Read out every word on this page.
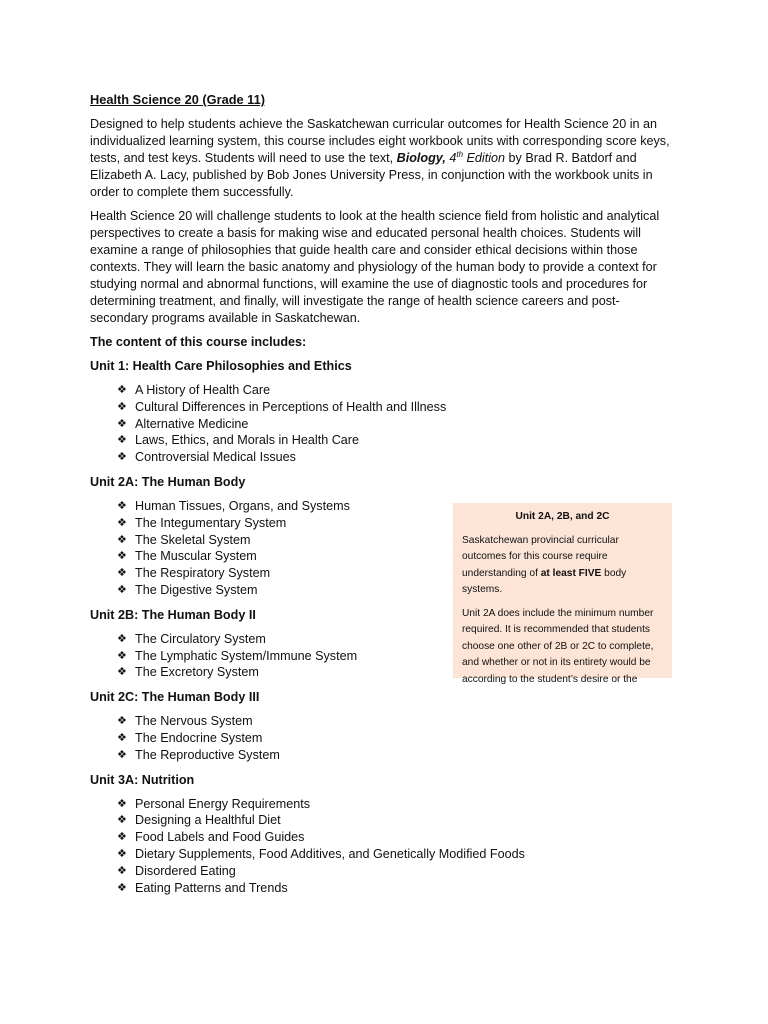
Health Science 20 (Grade 11)

Designed to help students achieve the Saskatchewan curricular outcomes for Health Science 20 in an individualized learning system, this course includes eight workbook units with corresponding score keys, tests, and test keys. Students will need to use the text, Biology, 4th Edition by Brad R. Batdorf and Elizabeth A. Lacy, published by Bob Jones University Press, in conjunction with the workbook units in order to complete them successfully.

Health Science 20 will challenge students to look at the health science field from holistic and analytical perspectives to create a basis for making wise and educated personal health choices. Students will examine a range of philosophies that guide health care and consider ethical decisions within those contexts. They will learn the basic anatomy and physiology of the human body to provide a context for studying normal and abnormal functions, will examine the use of diagnostic tools and procedures for determining treatment, and finally, will investigate the range of health science careers and post-secondary programs available in Saskatchewan.

The content of this course includes:

Unit 1: Health Care Philosophies and Ethics

❖ A History of Health Care
❖ Cultural Differences in Perceptions of Health and Illness
❖ Alternative Medicine
❖ Laws, Ethics, and Morals in Health Care
❖ Controversial Medical Issues

Unit 2A: The Human Body

❖ Human Tissues, Organs, and Systems
❖ The Integumentary System
❖ The Skeletal System
❖ The Muscular System
❖ The Respiratory System
❖ The Digestive System

Unit 2B: The Human Body II

❖ The Circulatory System
❖ The Lymphatic System/Immune System
❖ The Excretory System

Unit 2C: The Human Body III

❖ The Nervous System
❖ The Endocrine System
❖ The Reproductive System

Unit 3A: Nutrition

❖ Personal Energy Requirements
❖ Designing a Healthful Diet
❖ Food Labels and Food Guides
❖ Dietary Supplements, Food Additives, and Genetically Modified Foods
❖ Disordered Eating
❖ Eating Patterns and Trends

Unit 2A, 2B, and 2C

Saskatchewan provincial curricular outcomes for this course require understanding of at least FIVE body systems.

Unit 2A does include the minimum number required. It is recommended that students choose one other of 2B or 2C to complete, and whether or not in its entirety would be according to the student’s desire or the
